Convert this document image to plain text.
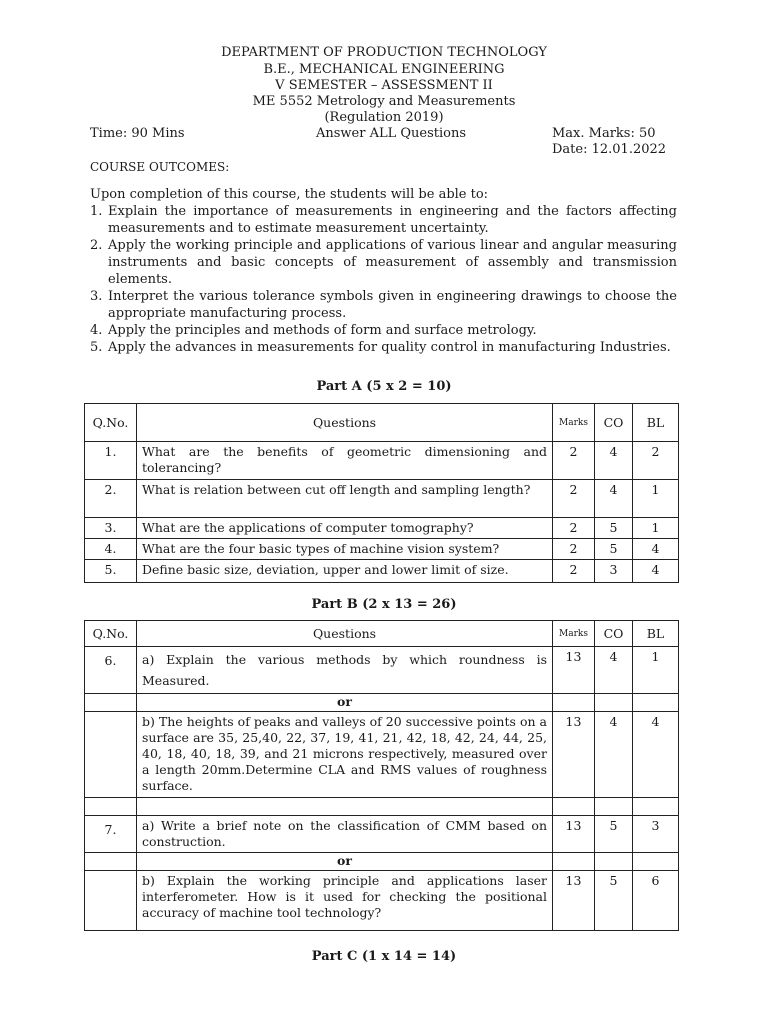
DEPARTMENT OF PRODUCTION TECHNOLOGY
B.E., MECHANICAL ENGINEERING
V SEMESTER – ASSESSMENT II
ME 5552 Metrology and Measurements
(Regulation 2019)
Time: 90 Mins	Answer ALL Questions	Max. Marks: 50
Date: 12.01.2022
COURSE OUTCOMES:
Upon completion of this course, the students will be able to:
1. Explain the importance of measurements in engineering and the factors affecting measurements and to estimate measurement uncertainty.
2. Apply the working principle and applications of various linear and angular measuring instruments and basic concepts of measurement of assembly and transmission elements.
3. Interpret the various tolerance symbols given in engineering drawings to choose the appropriate manufacturing process.
4. Apply the principles and methods of form and surface metrology.
5. Apply the advances in measurements for quality control in manufacturing Industries.
Part A (5 x 2 = 10)
Q.No.	Questions	Marks	CO	BL
1.	What are the benefits of geometric dimensioning and tolerancing?	2	4	2
2.	What is relation between cut off length and sampling length?	2	4	1
3.	What are the applications of computer tomography?	2	5	1
4.	What are the four basic types of machine vision system?	2	5	4
5.	Define basic size, deviation, upper and lower limit of size.	2	3	4
Part B (2 x 13 = 26)
Q.No.	Questions	Marks	CO	BL
6.	a) Explain the various methods by which roundness is Measured.	13	4	1
	or			
	b) The heights of peaks and valleys of 20 successive points on a surface are 35, 25,40, 22, 37, 19, 41, 21, 42, 18, 42, 24, 44, 25, 40, 18, 40, 18, 39, and 21 microns respectively, measured over a length 20mm.Determine CLA and RMS values of roughness surface.	13	4	4

7.	a) Write a brief note on the classification of CMM based on construction.	13	5	3
	or			
	b) Explain the working principle and applications laser interferometer. How is it used for checking the positional accuracy of machine tool technology?	13	5	6
Part C (1 x 14 = 14)
